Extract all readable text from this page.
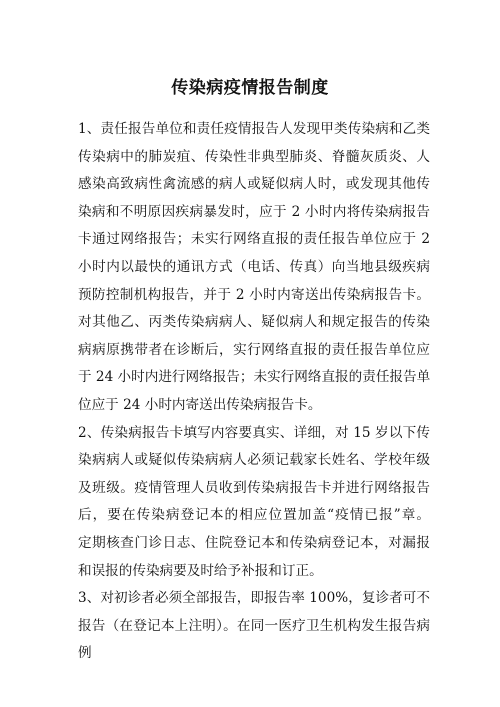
传染病疫情报告制度
1、责任报告单位和责任疫情报告人发现甲类传染病和乙类
传染病中的肺炭疽、传染性非典型肺炎、脊髓灰质炎、人
感染高致病性禽流感的病人或疑似病人时，或发现其他传
染病和不明原因疾病暴发时，应于 2 小时内将传染病报告
卡通过网络报告；未实行网络直报的责任报告单位应于 2
小时内以最快的通讯方式（电话、传真）向当地县级疾病
预防控制机构报告，并于 2 小时内寄送出传染病报告卡。
对其他乙、丙类传染病病人、疑似病人和规定报告的传染
病病原携带者在诊断后，实行网络直报的责任报告单位应
于 24 小时内进行网络报告；未实行网络直报的责任报告单
位应于 24 小时内寄送出传染病报告卡。
2、传染病报告卡填写内容要真实、详细，对 15 岁以下传
染病病人或疑似传染病病人必须记载家长姓名、学校年级
及班级。疫情管理人员收到传染病报告卡并进行网络报告
后，要在传染病登记本的相应位置加盖“疫情已报”章。
定期核查门诊日志、住院登记本和传染病登记本，对漏报
和误报的传染病要及时给予补报和订正。
3、对初诊者必须全部报告，即报告率 100%，复诊者可不
报告（在登记本上注明）。在同一医疗卫生机构发生报告病
例
